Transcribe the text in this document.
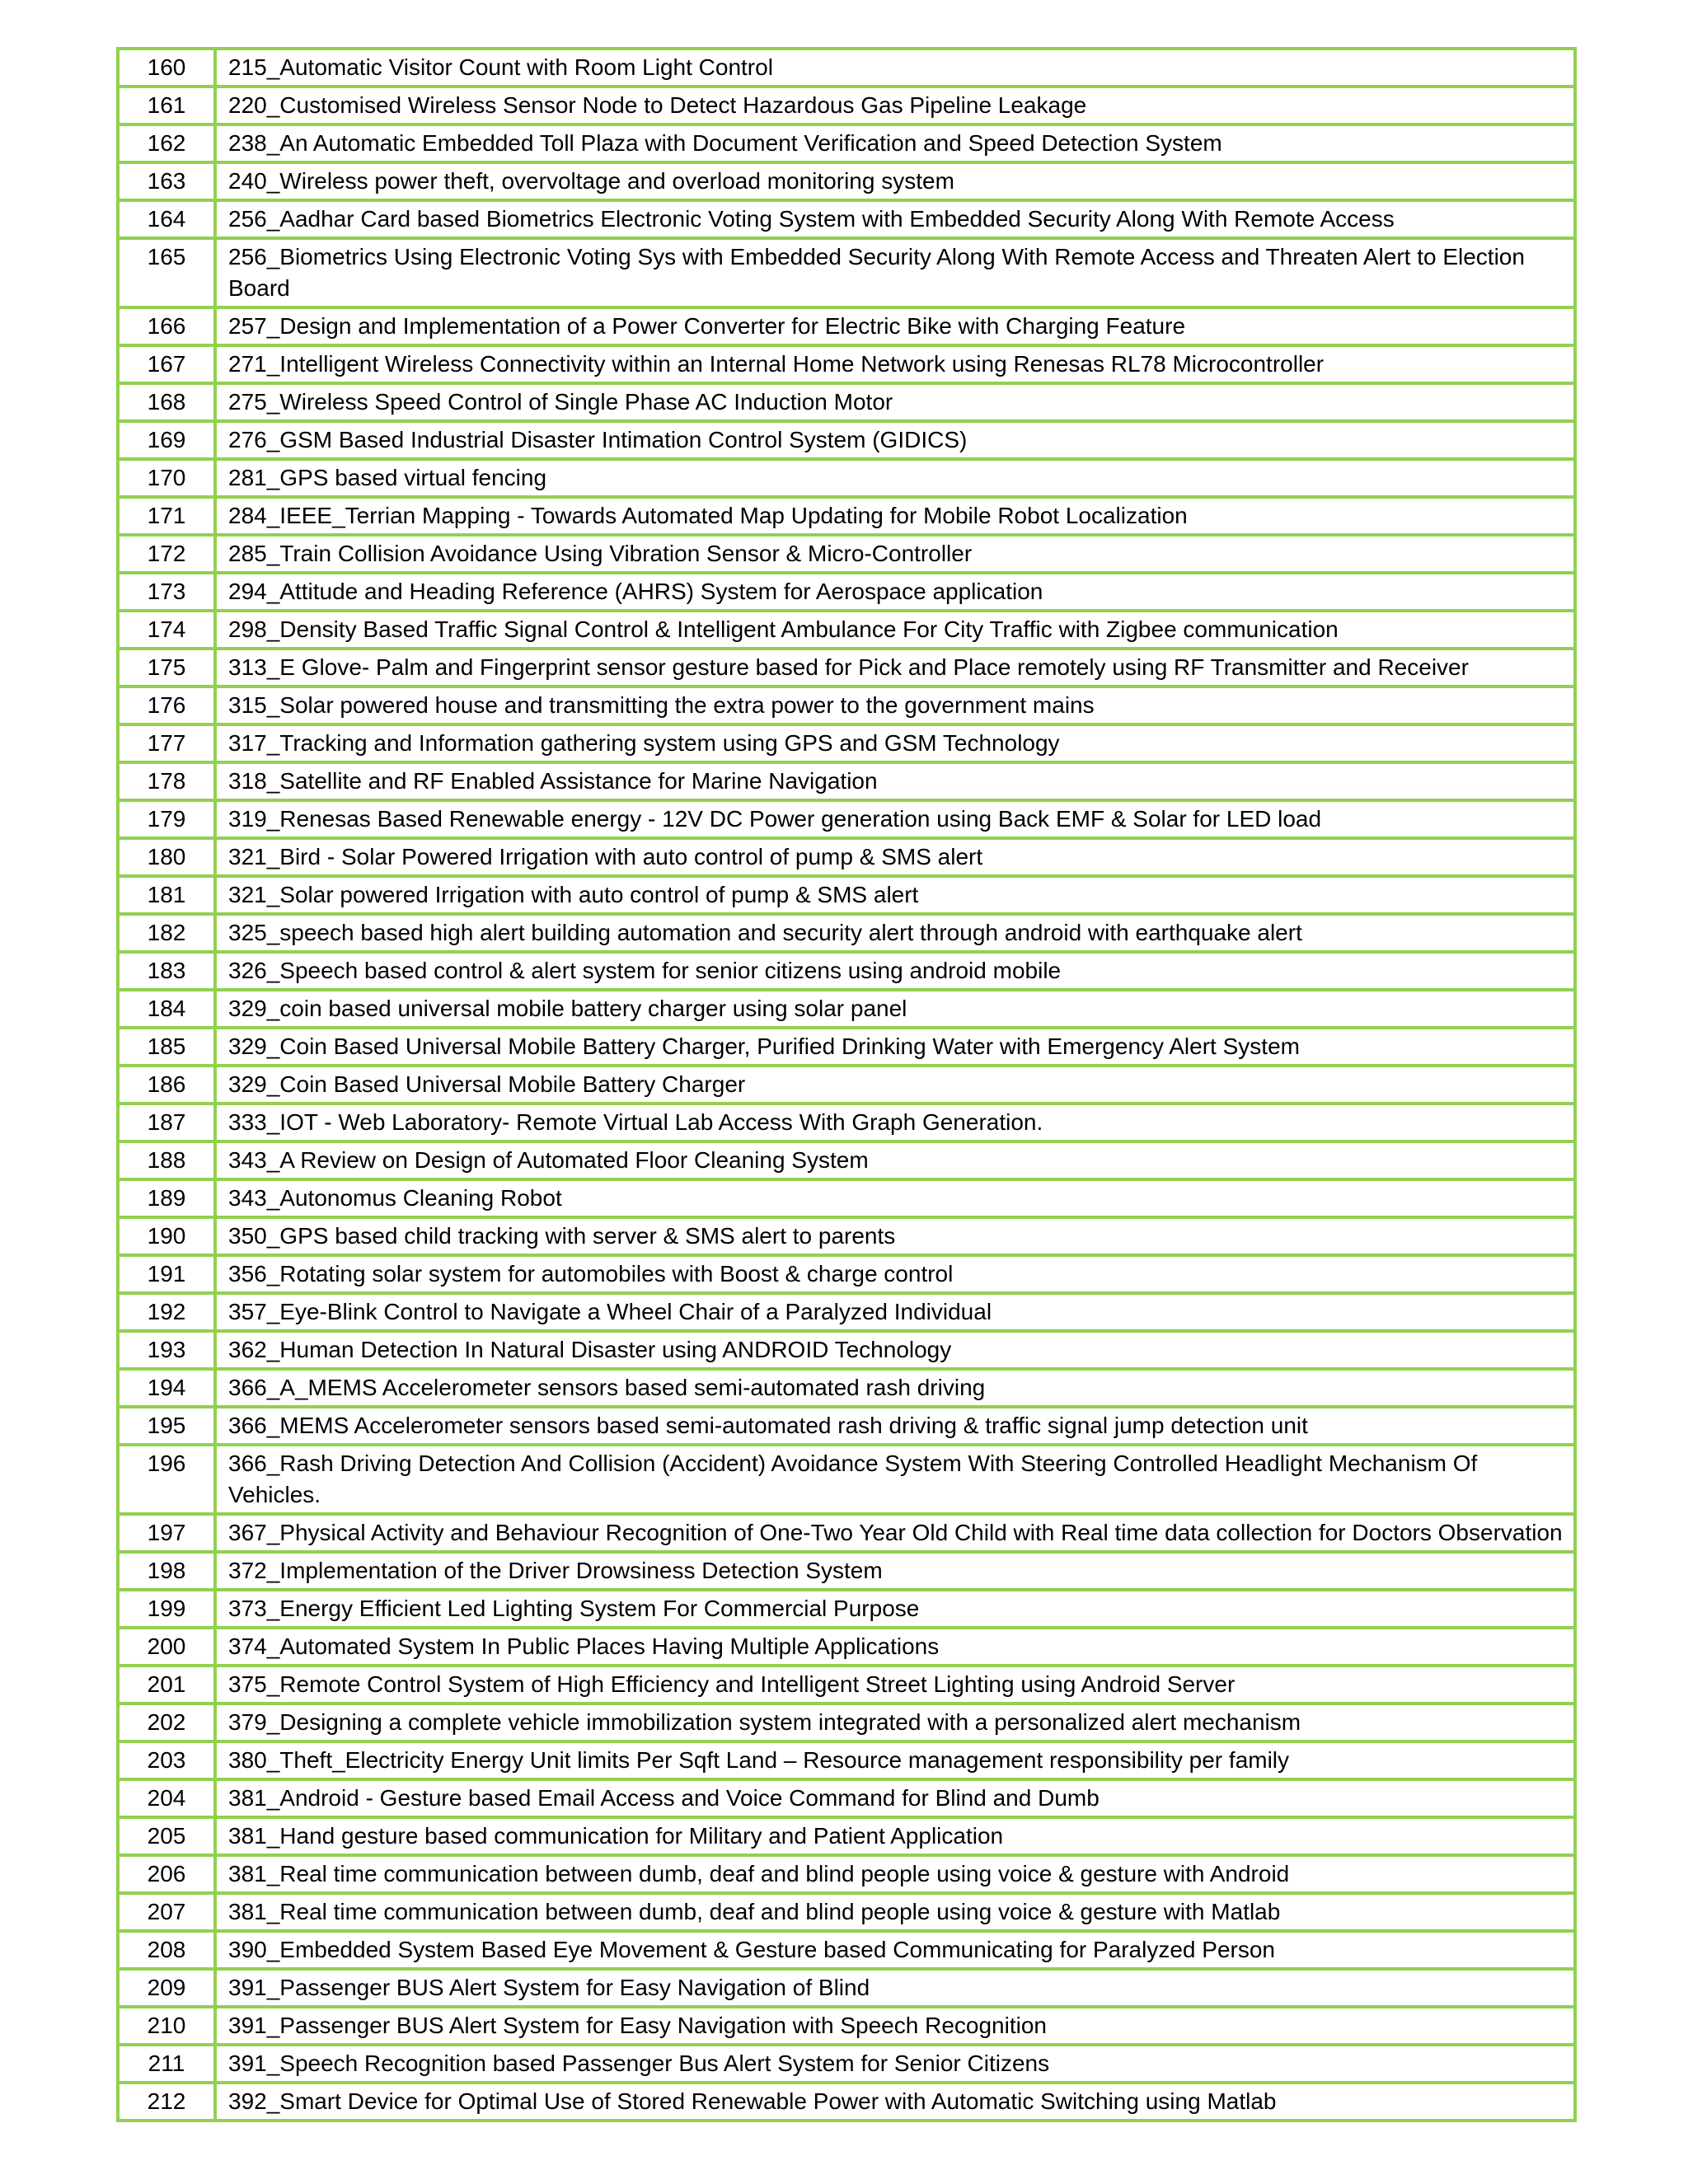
160	215_Automatic Visitor Count with Room Light Control
161	220_Customised Wireless Sensor Node to Detect Hazardous Gas Pipeline Leakage
162	238_An Automatic Embedded Toll Plaza with Document Verification and Speed Detection System
163	240_Wireless power theft, overvoltage and overload monitoring system
164	256_Aadhar Card based Biometrics Electronic Voting System with Embedded Security Along With Remote Access
165	256_Biometrics Using Electronic Voting Sys with Embedded Security Along With Remote Access and Threaten Alert to Election Board
166	257_Design and Implementation of a Power Converter for Electric Bike with Charging Feature
167	271_Intelligent Wireless Connectivity within an Internal Home Network using Renesas RL78 Microcontroller
168	275_Wireless Speed Control of Single Phase AC Induction Motor
169	276_GSM Based Industrial Disaster Intimation Control System (GIDICS)
170	281_GPS based virtual fencing
171	284_IEEE_Terrian Mapping - Towards Automated Map Updating for Mobile Robot Localization
172	285_Train Collision Avoidance Using Vibration Sensor & Micro-Controller
173	294_Attitude and Heading Reference (AHRS) System for Aerospace application
174	298_Density Based Traffic Signal Control & Intelligent Ambulance For City Traffic with Zigbee communication
175	313_E Glove- Palm and Fingerprint sensor gesture based for Pick and Place remotely using RF Transmitter and Receiver
176	315_Solar powered house and transmitting the extra power to the government mains
177	317_Tracking and Information gathering system using GPS and GSM Technology
178	318_Satellite and RF Enabled Assistance for Marine Navigation
179	319_Renesas Based Renewable energy - 12V DC Power generation using Back EMF & Solar for LED load
180	321_Bird - Solar Powered Irrigation with auto control of pump & SMS alert
181	321_Solar powered Irrigation with auto control of pump & SMS alert
182	325_speech based high alert building automation and security alert through android with earthquake alert
183	326_Speech based control & alert system for senior citizens using android mobile
184	329_coin based universal mobile battery charger using solar panel
185	329_Coin Based Universal Mobile Battery Charger, Purified Drinking Water with Emergency Alert System
186	329_Coin Based Universal Mobile Battery Charger
187	333_IOT - Web Laboratory- Remote Virtual Lab Access With Graph Generation.
188	343_A Review on Design of Automated Floor Cleaning System
189	343_Autonomus Cleaning Robot
190	350_GPS based child tracking with server & SMS alert to parents
191	356_Rotating solar system for automobiles with Boost & charge control
192	357_Eye-Blink Control to Navigate a Wheel Chair of a Paralyzed Individual
193	362_Human Detection In Natural Disaster using ANDROID Technology
194	366_A_MEMS Accelerometer sensors based semi-automated rash driving
195	366_MEMS Accelerometer sensors based semi-automated rash driving & traffic signal jump detection unit
196	366_Rash Driving Detection And Collision (Accident) Avoidance System With Steering Controlled Headlight Mechanism Of Vehicles.
197	367_Physical Activity and Behaviour Recognition of One-Two Year Old Child with Real time data collection for Doctors Observation
198	372_Implementation of the Driver Drowsiness Detection System
199	373_Energy Efficient Led Lighting System For Commercial Purpose
200	374_Automated System In Public Places Having Multiple Applications
201	375_Remote Control System of High Efficiency and Intelligent Street Lighting using Android Server
202	379_Designing a complete vehicle immobilization system integrated with a personalized alert mechanism
203	380_Theft_Electricity Energy Unit limits Per Sqft Land – Resource management responsibility per family
204	381_Android - Gesture based Email Access and Voice Command for Blind and Dumb
205	381_Hand gesture based communication for Military and Patient Application
206	381_Real time communication between dumb, deaf and blind people using voice & gesture with Android
207	381_Real time communication between dumb, deaf and blind people using voice & gesture with Matlab
208	390_Embedded System Based Eye Movement & Gesture based Communicating for Paralyzed Person
209	391_Passenger BUS Alert System for Easy Navigation of Blind
210	391_Passenger BUS Alert System for Easy Navigation with Speech Recognition
211	391_Speech Recognition based Passenger Bus Alert System for Senior Citizens
212	392_Smart Device for Optimal Use of Stored Renewable Power with Automatic Switching using Matlab
